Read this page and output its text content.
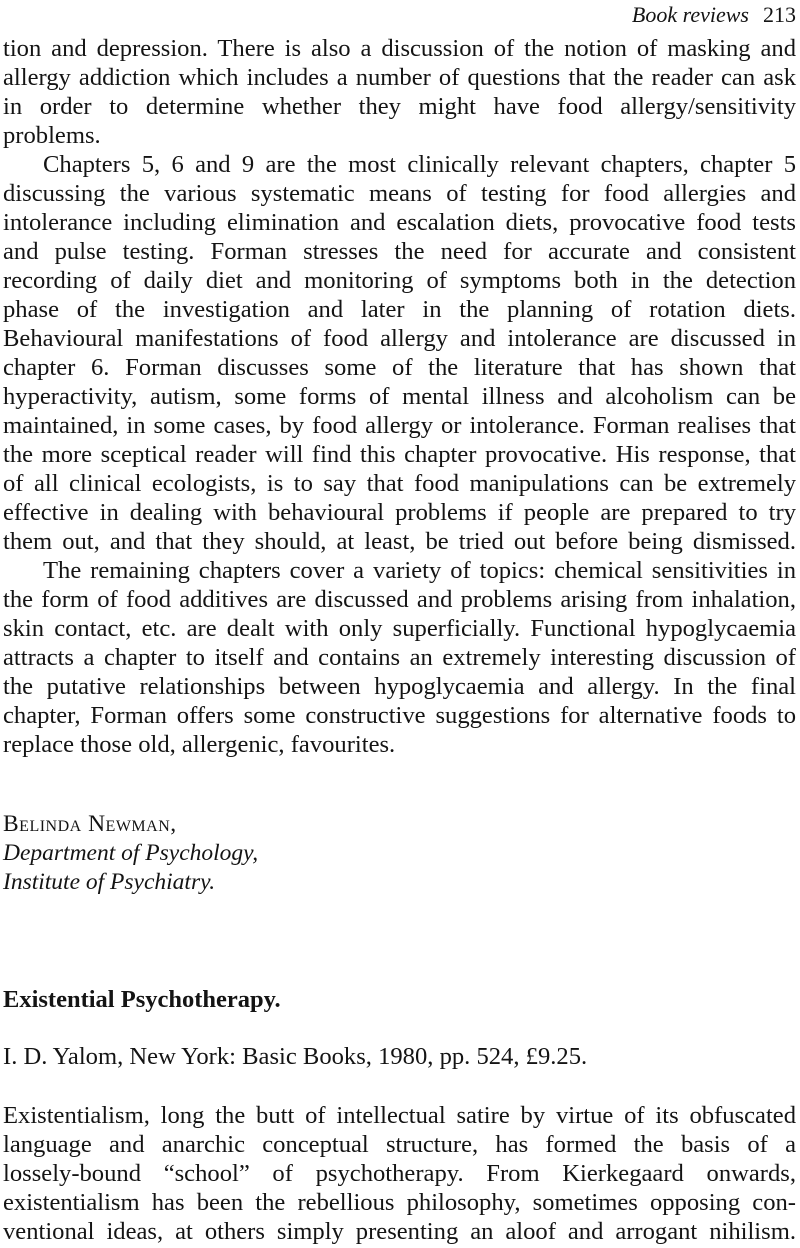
Book reviews 213
tion and depression. There is also a discussion of the notion of masking and
allergy addiction which includes a number of questions that the reader can ask
in order to determine whether they might have food allergy/sensitivity
problems.
Chapters 5, 6 and 9 are the most clinically relevant chapters, chapter 5
discussing the various systematic means of testing for food allergies and
intolerance including elimination and escalation diets, provocative food tests
and pulse testing. Forman stresses the need for accurate and consistent
recording of daily diet and monitoring of symptoms both in the detection
phase of the investigation and later in the planning of rotation diets.
Behavioural manifestations of food allergy and intolerance are discussed in
chapter 6. Forman discusses some of the literature that has shown that
hyperactivity, autism, some forms of mental illness and alcoholism can be
maintained, in some cases, by food allergy or intolerance. Forman realises that
the more sceptical reader will find this chapter provocative. His response, that
of all clinical ecologists, is to say that food manipulations can be extremely
effective in dealing with behavioural problems if people are prepared to try
them out, and that they should, at least, be tried out before being dismissed.
The remaining chapters cover a variety of topics: chemical sensitivities in
the form of food additives are discussed and problems arising from inhalation,
skin contact, etc. are dealt with only superficially. Functional hypoglycaemia
attracts a chapter to itself and contains an extremely interesting discussion of
the putative relationships between hypoglycaemia and allergy. In the final
chapter, Forman offers some constructive suggestions for alternative foods to
replace those old, allergenic, favourites.
Belinda Newman,
Department of Psychology,
Institute of Psychiatry.
Existential Psychotherapy.
I. D. Yalom, New York: Basic Books, 1980, pp. 524, £9.25.
Existentialism, long the butt of intellectual satire by virtue of its obfuscated
language and anarchic conceptual structure, has formed the basis of a
lossely-bound “school” of psychotherapy. From Kierkegaard onwards,
existentialism has been the rebellious philosophy, sometimes opposing con-
ventional ideas, at others simply presenting an aloof and arrogant nihilism.
